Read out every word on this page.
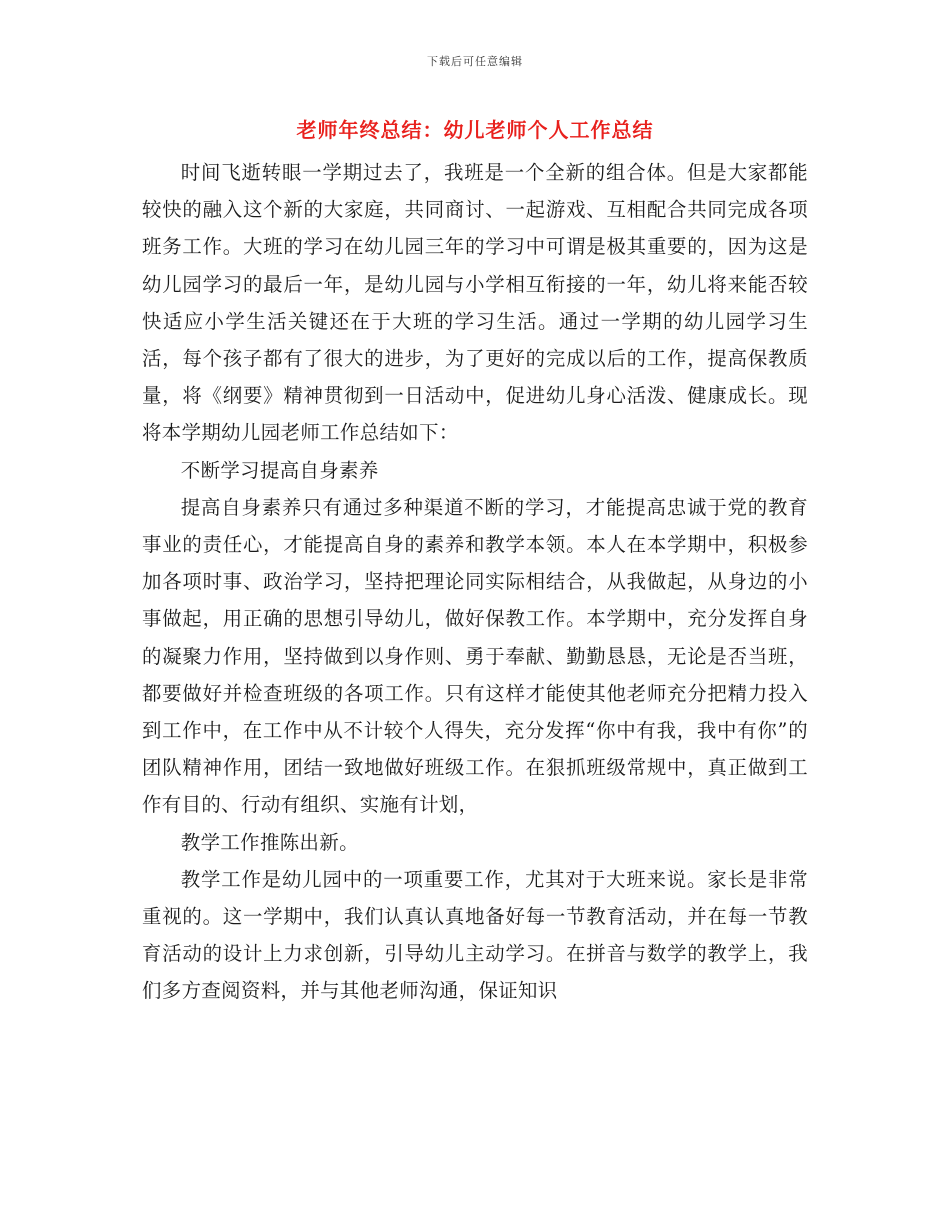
下载后可任意编辑
老师年终总结：幼儿老师个人工作总结

时间飞逝转眼一学期过去了，我班是一个全新的组合体。但是大家都能较快的融入这个新的大家庭，共同商讨、一起游戏、互相配合共同完成各项班务工作。大班的学习在幼儿园三年的学习中可谓是极其重要的，因为这是幼儿园学习的最后一年，是幼儿园与小学相互衔接的一年，幼儿将来能否较快适应小学生活关键还在于大班的学习生活。通过一学期的幼儿园学习生活，每个孩子都有了很大的进步，为了更好的完成以后的工作，提高保教质量，将《纲要》精神贯彻到一日活动中，促进幼儿身心活泼、健康成长。现将本学期幼儿园老师工作总结如下：

不断学习提高自身素养

提高自身素养只有通过多种渠道不断的学习，才能提高忠诚于党的教育事业的责任心，才能提高自身的素养和教学本领。本人在本学期中，积极参加各项时事、政治学习，坚持把理论同实际相结合，从我做起，从身边的小事做起，用正确的思想引导幼儿，做好保教工作。本学期中，充分发挥自身的凝聚力作用，坚持做到以身作则、勇于奉献、勤勤恳恳，无论是否当班，都要做好并检查班级的各项工作。只有这样才能使其他老师充分把精力投入到工作中，在工作中从不计较个人得失，充分发挥“你中有我，我中有你”的团队精神作用，团结一致地做好班级工作。在狠抓班级常规中，真正做到工作有目的、行动有组织、实施有计划，

教学工作推陈出新。

教学工作是幼儿园中的一项重要工作，尤其对于大班来说。家长是非常重视的。这一学期中，我们认真认真地备好每一节教育活动，并在每一节教育活动的设计上力求创新，引导幼儿主动学习。在拼音与数学的教学上，我们多方查阅资料，并与其他老师沟通，保证知识
